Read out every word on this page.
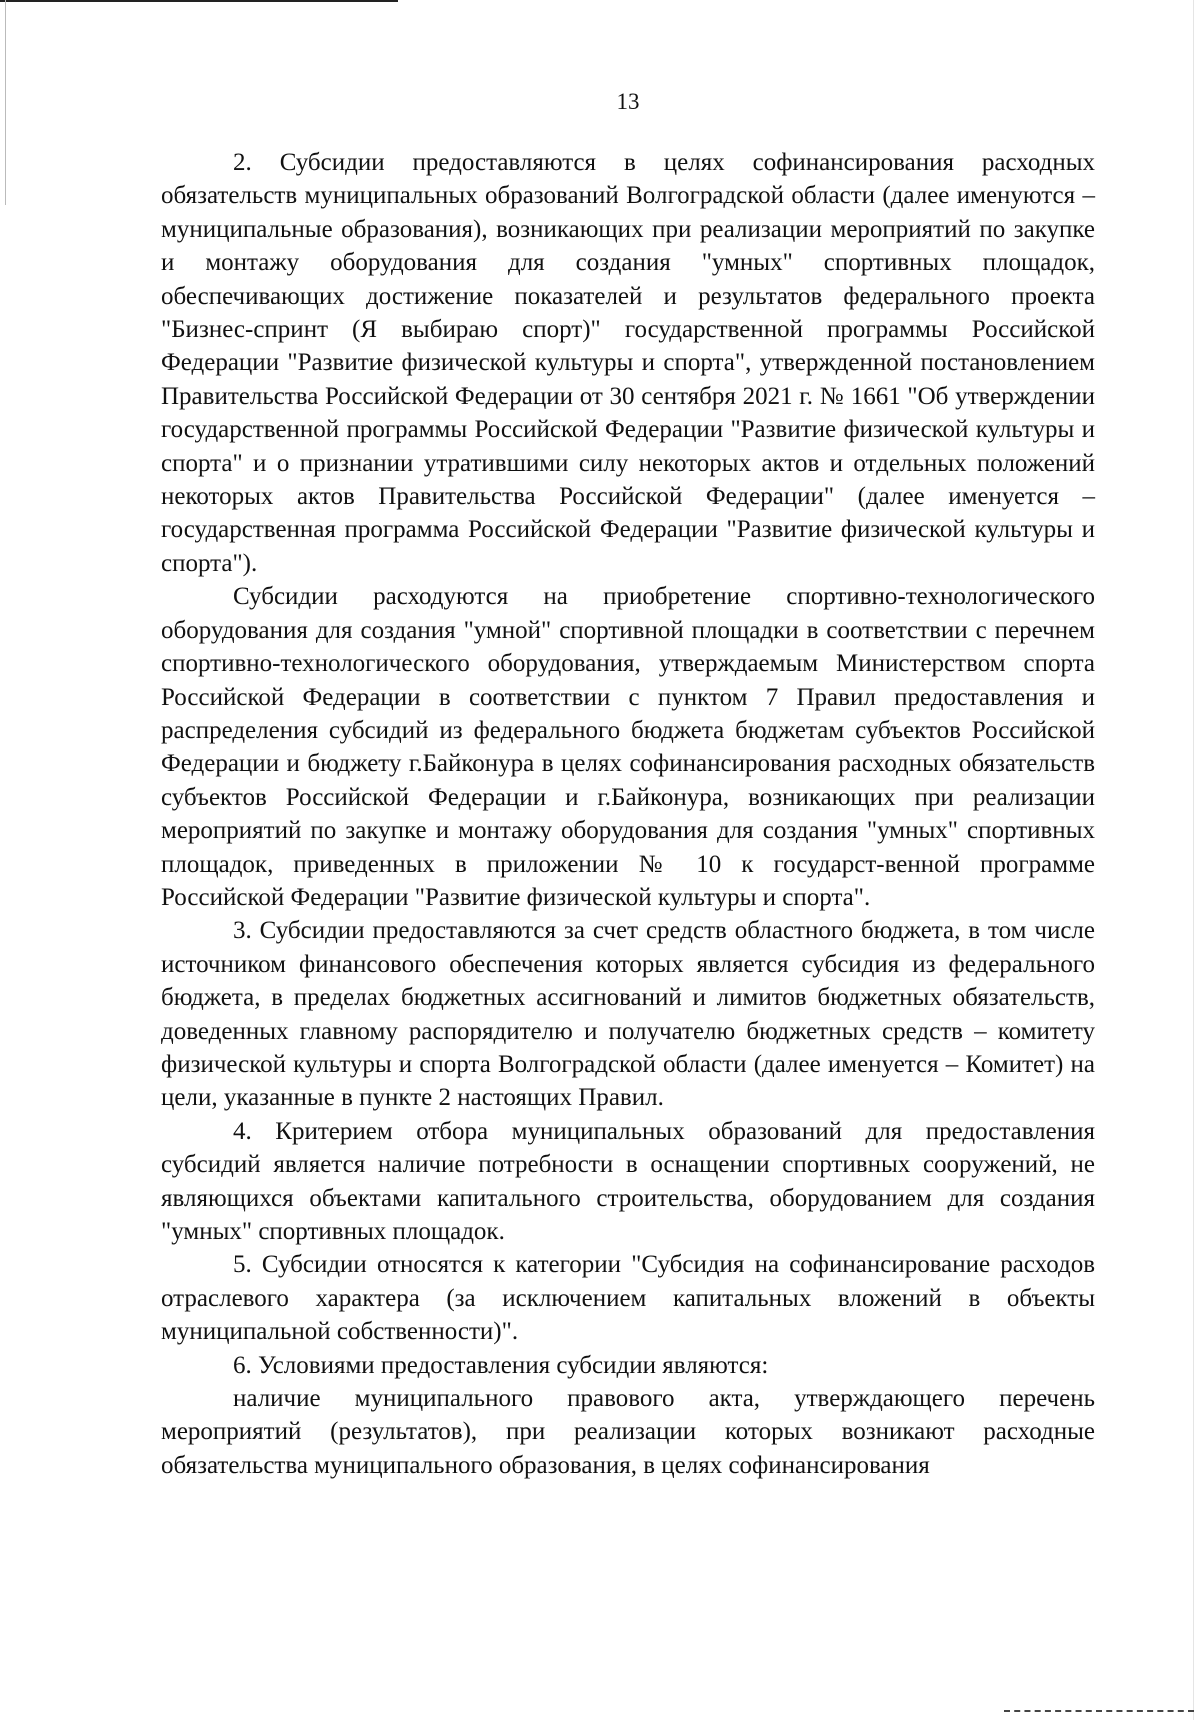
13

2. Субсидии предоставляются в целях софинансирования расходных обязательств муниципальных образований Волгоградской области (далее именуются – муниципальные образования), возникающих при реализации мероприятий по закупке и монтажу оборудования для создания "умных" спортивных площадок, обеспечивающих достижение показателей и результатов федерального проекта "Бизнес-спринт (Я выбираю спорт)" государственной программы Российской Федерации "Развитие физической культуры и спорта", утвержденной постановлением Правительства Российской Федерации от 30 сентября 2021 г. № 1661 "Об утверждении государственной программы Российской Федерации "Развитие физической культуры и спорта" и о признании утратившими силу некоторых актов и отдельных положений некоторых актов Правительства Российской Федерации" (далее именуется – государственная программа Российской Федерации "Развитие физической культуры и спорта").

Субсидии расходуются на приобретение спортивно-технологического оборудования для создания "умной" спортивной площадки в соответствии с перечнем спортивно-технологического оборудования, утверждаемым Министерством спорта Российской Федерации в соответствии с пунктом 7 Правил предоставления и распределения субсидий из федерального бюджета бюджетам субъектов Российской Федерации и бюджету г.Байконура в целях софинансирования расходных обязательств субъектов Российской Федерации и г.Байконура, возникающих при реализации мероприятий по закупке и монтажу оборудования для создания "умных" спортивных площадок, приведенных в приложении № 10 к государст-венной программе Российской Федерации "Развитие физической культуры и спорта".

3. Субсидии предоставляются за счет средств областного бюджета, в том числе источником финансового обеспечения которых является субсидия из федерального бюджета, в пределах бюджетных ассигнований и лимитов бюджетных обязательств, доведенных главному распорядителю и получателю бюджетных средств – комитету физической культуры и спорта Волгоградской области (далее именуется – Комитет) на цели, указанные в пункте 2 настоящих Правил.

4. Критерием отбора муниципальных образований для предоставления субсидий является наличие потребности в оснащении спортивных сооружений, не являющихся объектами капитального строительства, оборудованием для создания "умных" спортивных площадок.

5. Субсидии относятся к категории "Субсидия на софинансирование расходов отраслевого характера (за исключением капитальных вложений в объекты муниципальной собственности)".

6. Условиями предоставления субсидии являются:

наличие муниципального правового акта, утверждающего перечень мероприятий (результатов), при реализации которых возникают расходные обязательства муниципального образования, в целях софинансирования
